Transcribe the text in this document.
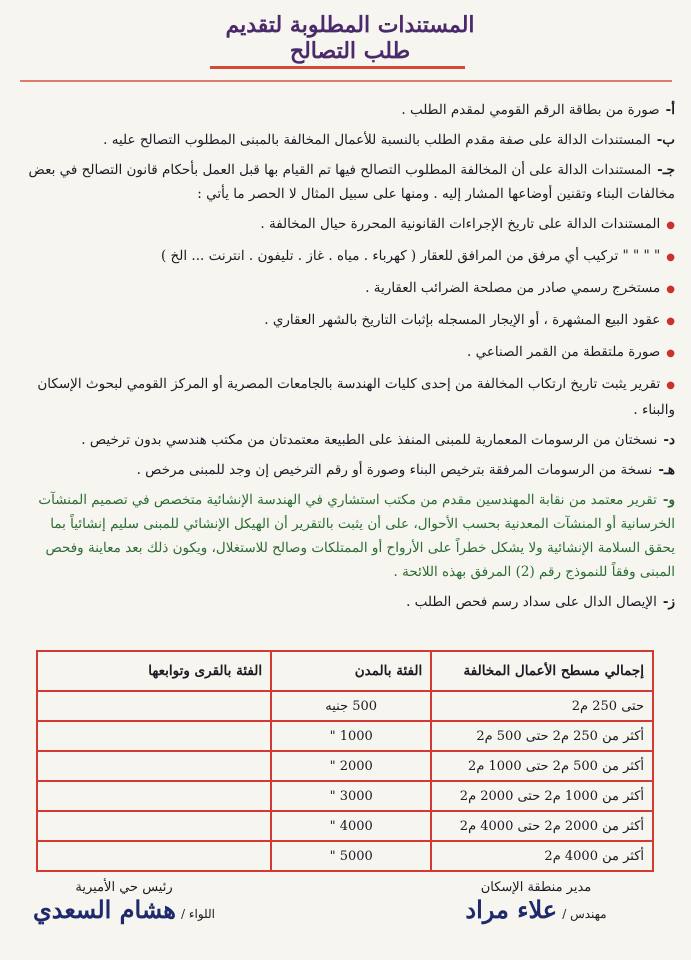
المستندات المطلوبة لتقديم طلب التصالح
أ-صورة من بطاقة الرقم القومي لمقدم الطلب .
ب-المستندات الدالة على صفة مقدم الطلب بالنسبة للأعمال المخالفة بالمبنى المطلوب التصالح عليه .
جـ-المستندات الدالة على أن المخالفة المطلوب التصالح فيها تم القيام بها قبل العمل بأحكام قانون التصالح في بعض مخالفات البناء وتقنين أوضاعها المشار إليه . ومنها على سبيل المثال لا الحصر ما يأتي :
● المستندات الدالة على تاريخ الإجراءات القانونية المحررة حيال المخالفة .
● " " " " تركيب أي مرفق من المرافق للعقار ( كهرباء . مياه . غاز . تليفون . انترنت ... الخ )
● مستخرج رسمي صادر من مصلحة الضرائب العقارية .
● عقود البيع المشهرة ، أو الإيجار المسجله بإثبات التاريخ بالشهر العقاري .
● صورة ملتقطة من القمر الصناعي .
● تقرير يثبت تاريخ ارتكاب المخالفة من إحدى كليات الهندسة بالجامعات المصرية أو المركز القومي لبحوث الإسكان والبناء .
د-نسختان من الرسومات المعمارية للمبنى المنفذ على الطبيعة معتمدتان من مكتب هندسي بدون ترخيص .
هـ-نسخة من الرسومات المرفقة بترخيص البناء وصورة أو رقم الترخيص إن وجد للمبنى مرخص .
و-تقرير معتمد من نقابة المهندسين مقدم من مكتب استشاري في الهندسة الإنشائية متخصص في تصميم المنشآت الخرسانية أو المنشآت المعدنية بحسب الأحوال، على أن يثبت بالتقرير أن الهيكل الإنشائي للمبنى سليم إنشائياً بما يحقق السلامة الإنشائية ولا يشكل خطراً على الأرواح أو الممتلكات وصالح للاستغلال، ويكون ذلك بعد معاينة وفحص المبنى وفقاً للنموذج رقم (2) المرفق بهذه اللائحة .
ز-الإيصال الدال على سداد رسم فحص الطلب .
إجمالي مسطح الأعمال المخالفة	الفئة بالمدن	الفئة بالقرى وتوابعها
حتى 250 م2	500 جنيه	
أكثر من 250 م2 حتى 500 م2	1000 "	
أكثر من 500 م2 حتى 1000 م2	2000 "	
أكثر من 1000 م2 حتى 2000 م2	3000 "	
أكثر من 2000 م2 حتى 4000 م2	4000 "	
أكثر من 4000 م2	5000 "	
مدير منطقة الإسكان
مهندس / علاء مراد
رئيس حي الأميرية
اللواء / هشام السعدي
